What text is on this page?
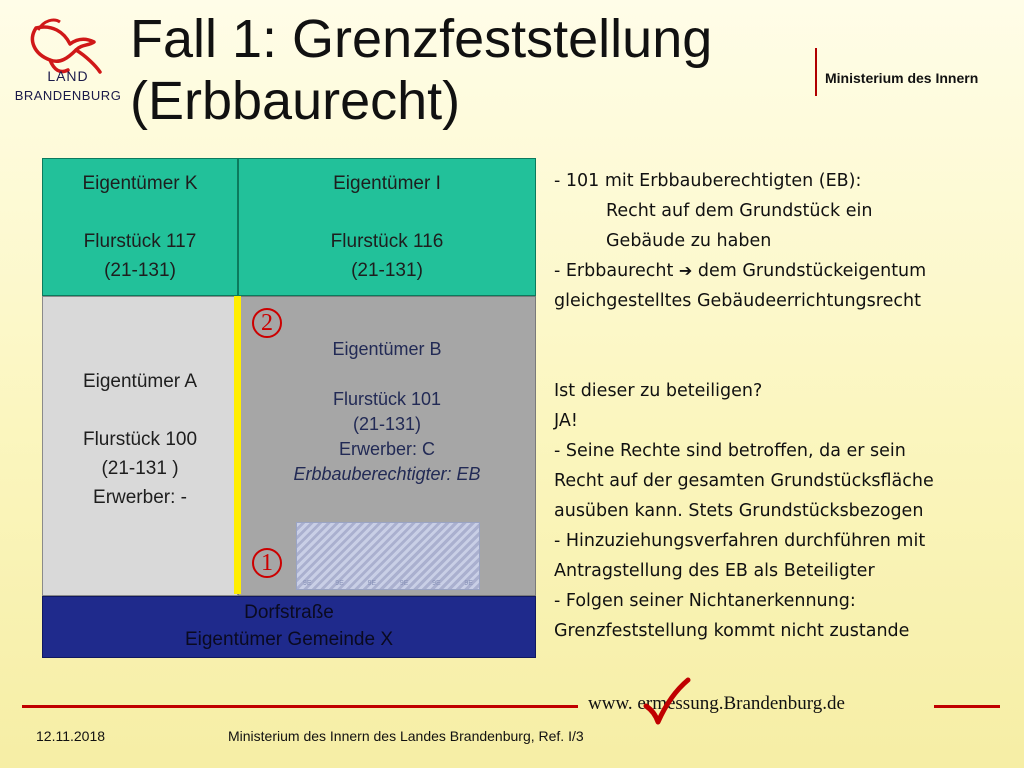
LAND
BRANDENBURG
Fall 1: Grenzfeststellung
(Erbbaurecht)	Ministerium des Innern
Eigentümer K
Flurstück 117
(21-131)
Eigentümer I
Flurstück 116
(21-131)
Eigentümer A
Flurstück 100
(21-131 )
Erwerber: -
Eigentümer B
Flurstück 101
(21-131)
Erwerber: C
Erbbauberechtigter: EB
Dorfstraße
Eigentümer Gemeinde X
2
1
9E	9E	9E	9E	9E	9E

- 101 mit Erbbauberechtigten (EB):

Recht auf dem Grundstück ein

Gebäude zu haben

- Erbbaurecht ➔ dem Grundstückeigentum

gleichgestelltes Gebäudeerrichtungsrecht

Ist dieser zu beteiligen?

JA!

- Seine Rechte sind betroffen, da er sein

Recht auf der gesamten Grundstücksfläche

ausüben kann. Stets Grundstücksbezogen

- Hinzuziehungsverfahren durchführen mit

Antragstellung des EB als Beteiligter

- Folgen seiner Nichtanerkennung:

Grenzfeststellung kommt nicht zustande

www. ermessung.Brandenburg.de
12.11.2018	Ministerium des Innern des Landes Brandenburg, Ref. I/3
